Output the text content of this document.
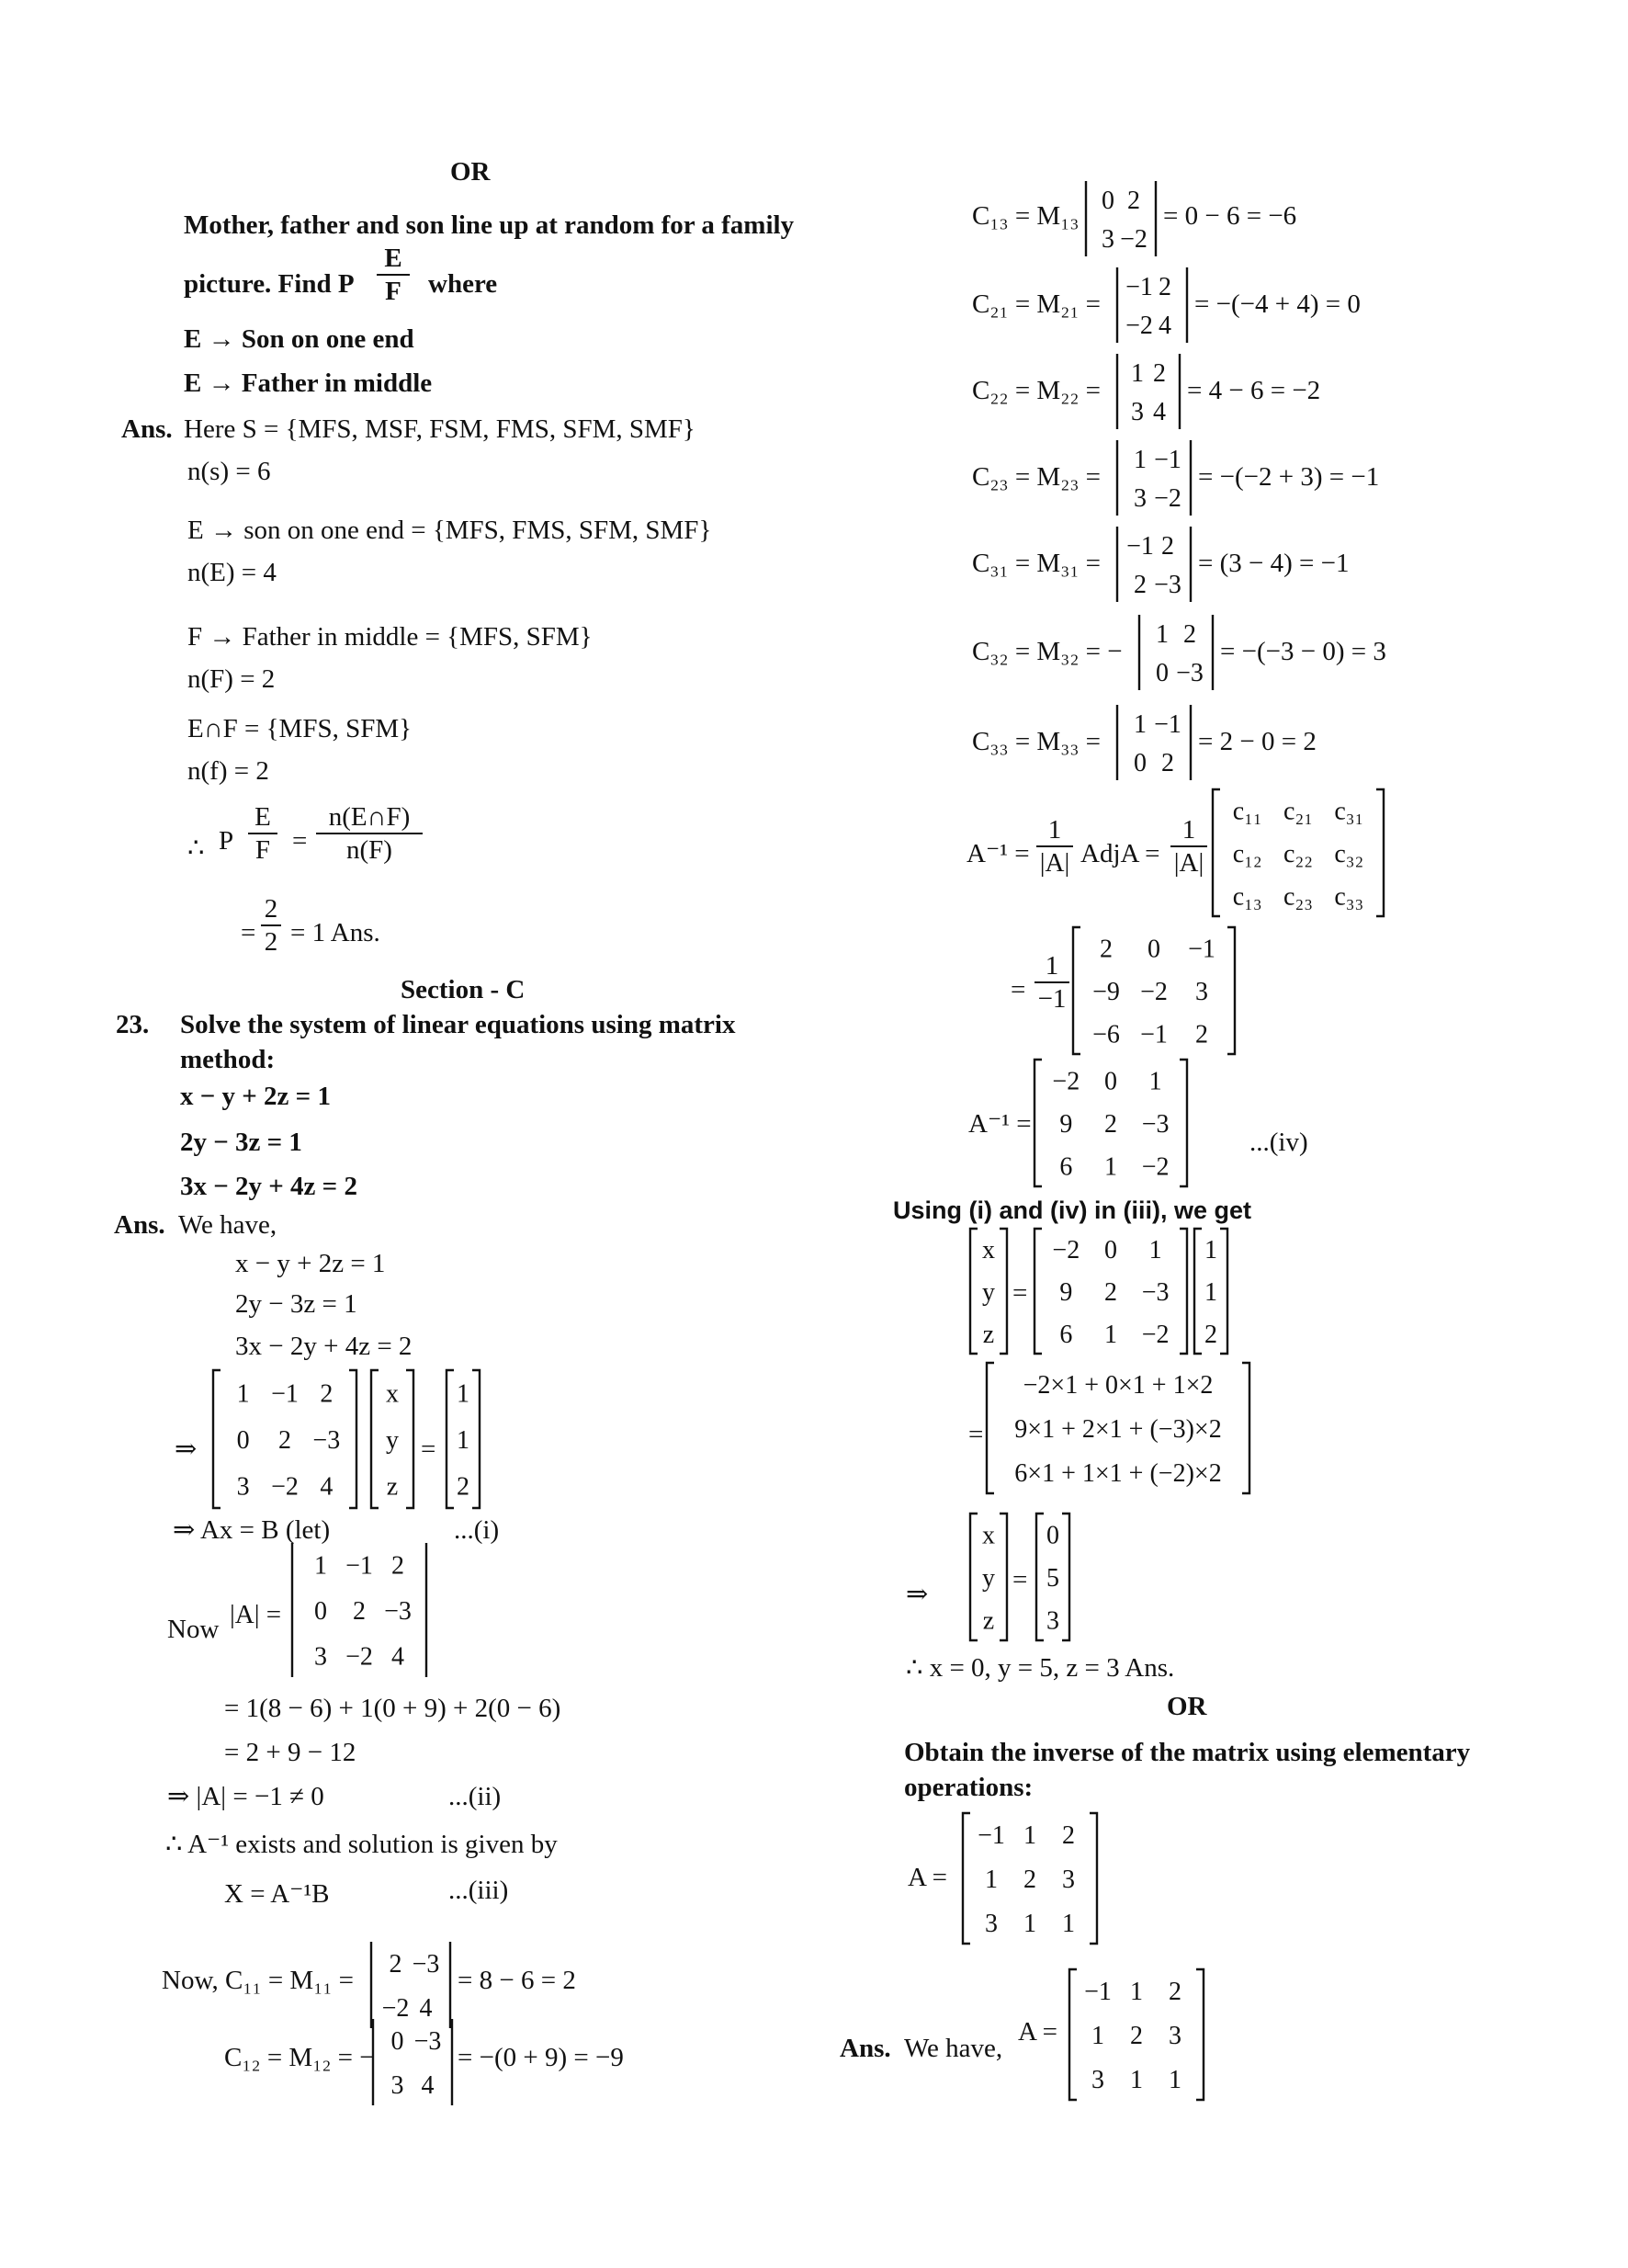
OR
Mother, father and son line up at random for a family
picture. Find P
E
F	where
E → Son on one end
E → Father in middle
Ans. Here S = {MFS, MSF, FSM, FMS, SFM, SMF}
n(s) = 6
E → son on one end = {MFS, FMS, SFM, SMF}
n(E) = 4
F → Father in middle = {MFS, SFM}
n(F) = 2
E∩F = {MFS, SFM}
n(f) = 2
∴ P
E
F =
n(E∩F)
n(F)
=
2
2 = 1 Ans.
Section - C
23. Solve the system of linear equations using matrix
method:
x − y + 2z = 1
2y − 3z = 1
3x − 2y + 4z = 2
Ans. We have,
x − y + 2z = 1
2y − 3z = 1
3x − 2y + 4z = 2
⇒
1 −1 2
0 2 −3
3 −2 4
x
y
z
=
1
1
2
⇒ Ax = B (let)	...(i)
Now |A| =
1 −1 2
0 2 −3
3 −2 4
= 1(8 − 6) + 1(0 + 9) + 2(0 − 6)
= 2 + 9 − 12
⇒ |A| = −1 ≠ 0	...(ii)
∴ A⁻¹ exists and solution is given by
X = A⁻¹B	...(iii)
Now, C₁₁ = M₁₁ =
2 −3
−2 4
= 8 − 6 = 2
C₁₂ = M₁₂ = −
0 −3
3 4
= −(0 + 9) = −9
C₁₃ = M₁₃
0 2
3 −2
= 0 − 6 = −6
C₂₁ = M₂₁ =
−1 2
−2 4
= −(−4 + 4) = 0
C₂₂ = M₂₂ =
1 2
3 4
= 4 − 6 = −2
C₂₃ = M₂₃ =
1 −1
3 −2
= −(−2 + 3) = −1
C₃₁ = M₃₁ =
−1 2
2 −3
= (3 − 4) = −1
C₃₂ = M₃₂ = −
1 2
0 −3
= −(−3 − 0) = 3
C₃₃ = M₃₃ =
1 −1
0 2
= 2 − 0 = 2
A⁻¹ =
1
|A| AdjA =
1
|A|
c₁₁ c₂₁ c₃₁
c₁₂ c₂₂ c₃₂
c₁₃ c₂₃ c₃₃
=
1
−1
2 0 −1
−9 −2 3
−6 −1 2
A⁻¹ =
−2 0 1
9 2 −3
6 1 −2
...(iv)
Using (i) and (iv) in (iii), we get
x
y
z
=
−2 0 1
9 2 −3
6 1 −2
1
1
2
=
−2×1 + 0×1 + 1×2
9×1 + 2×1 + (−3)×2
6×1 + 1×1 + (−2)×2
⇒
x
y
z
=
0
5
3
∴ x = 0, y = 5, z = 3 Ans.
OR
Obtain the inverse of the matrix using elementary
operations:
A =
−1 1 2
1 2 3
3 1 1
Ans. We have,
A =
−1 1 2
1 2 3
3 1 1
